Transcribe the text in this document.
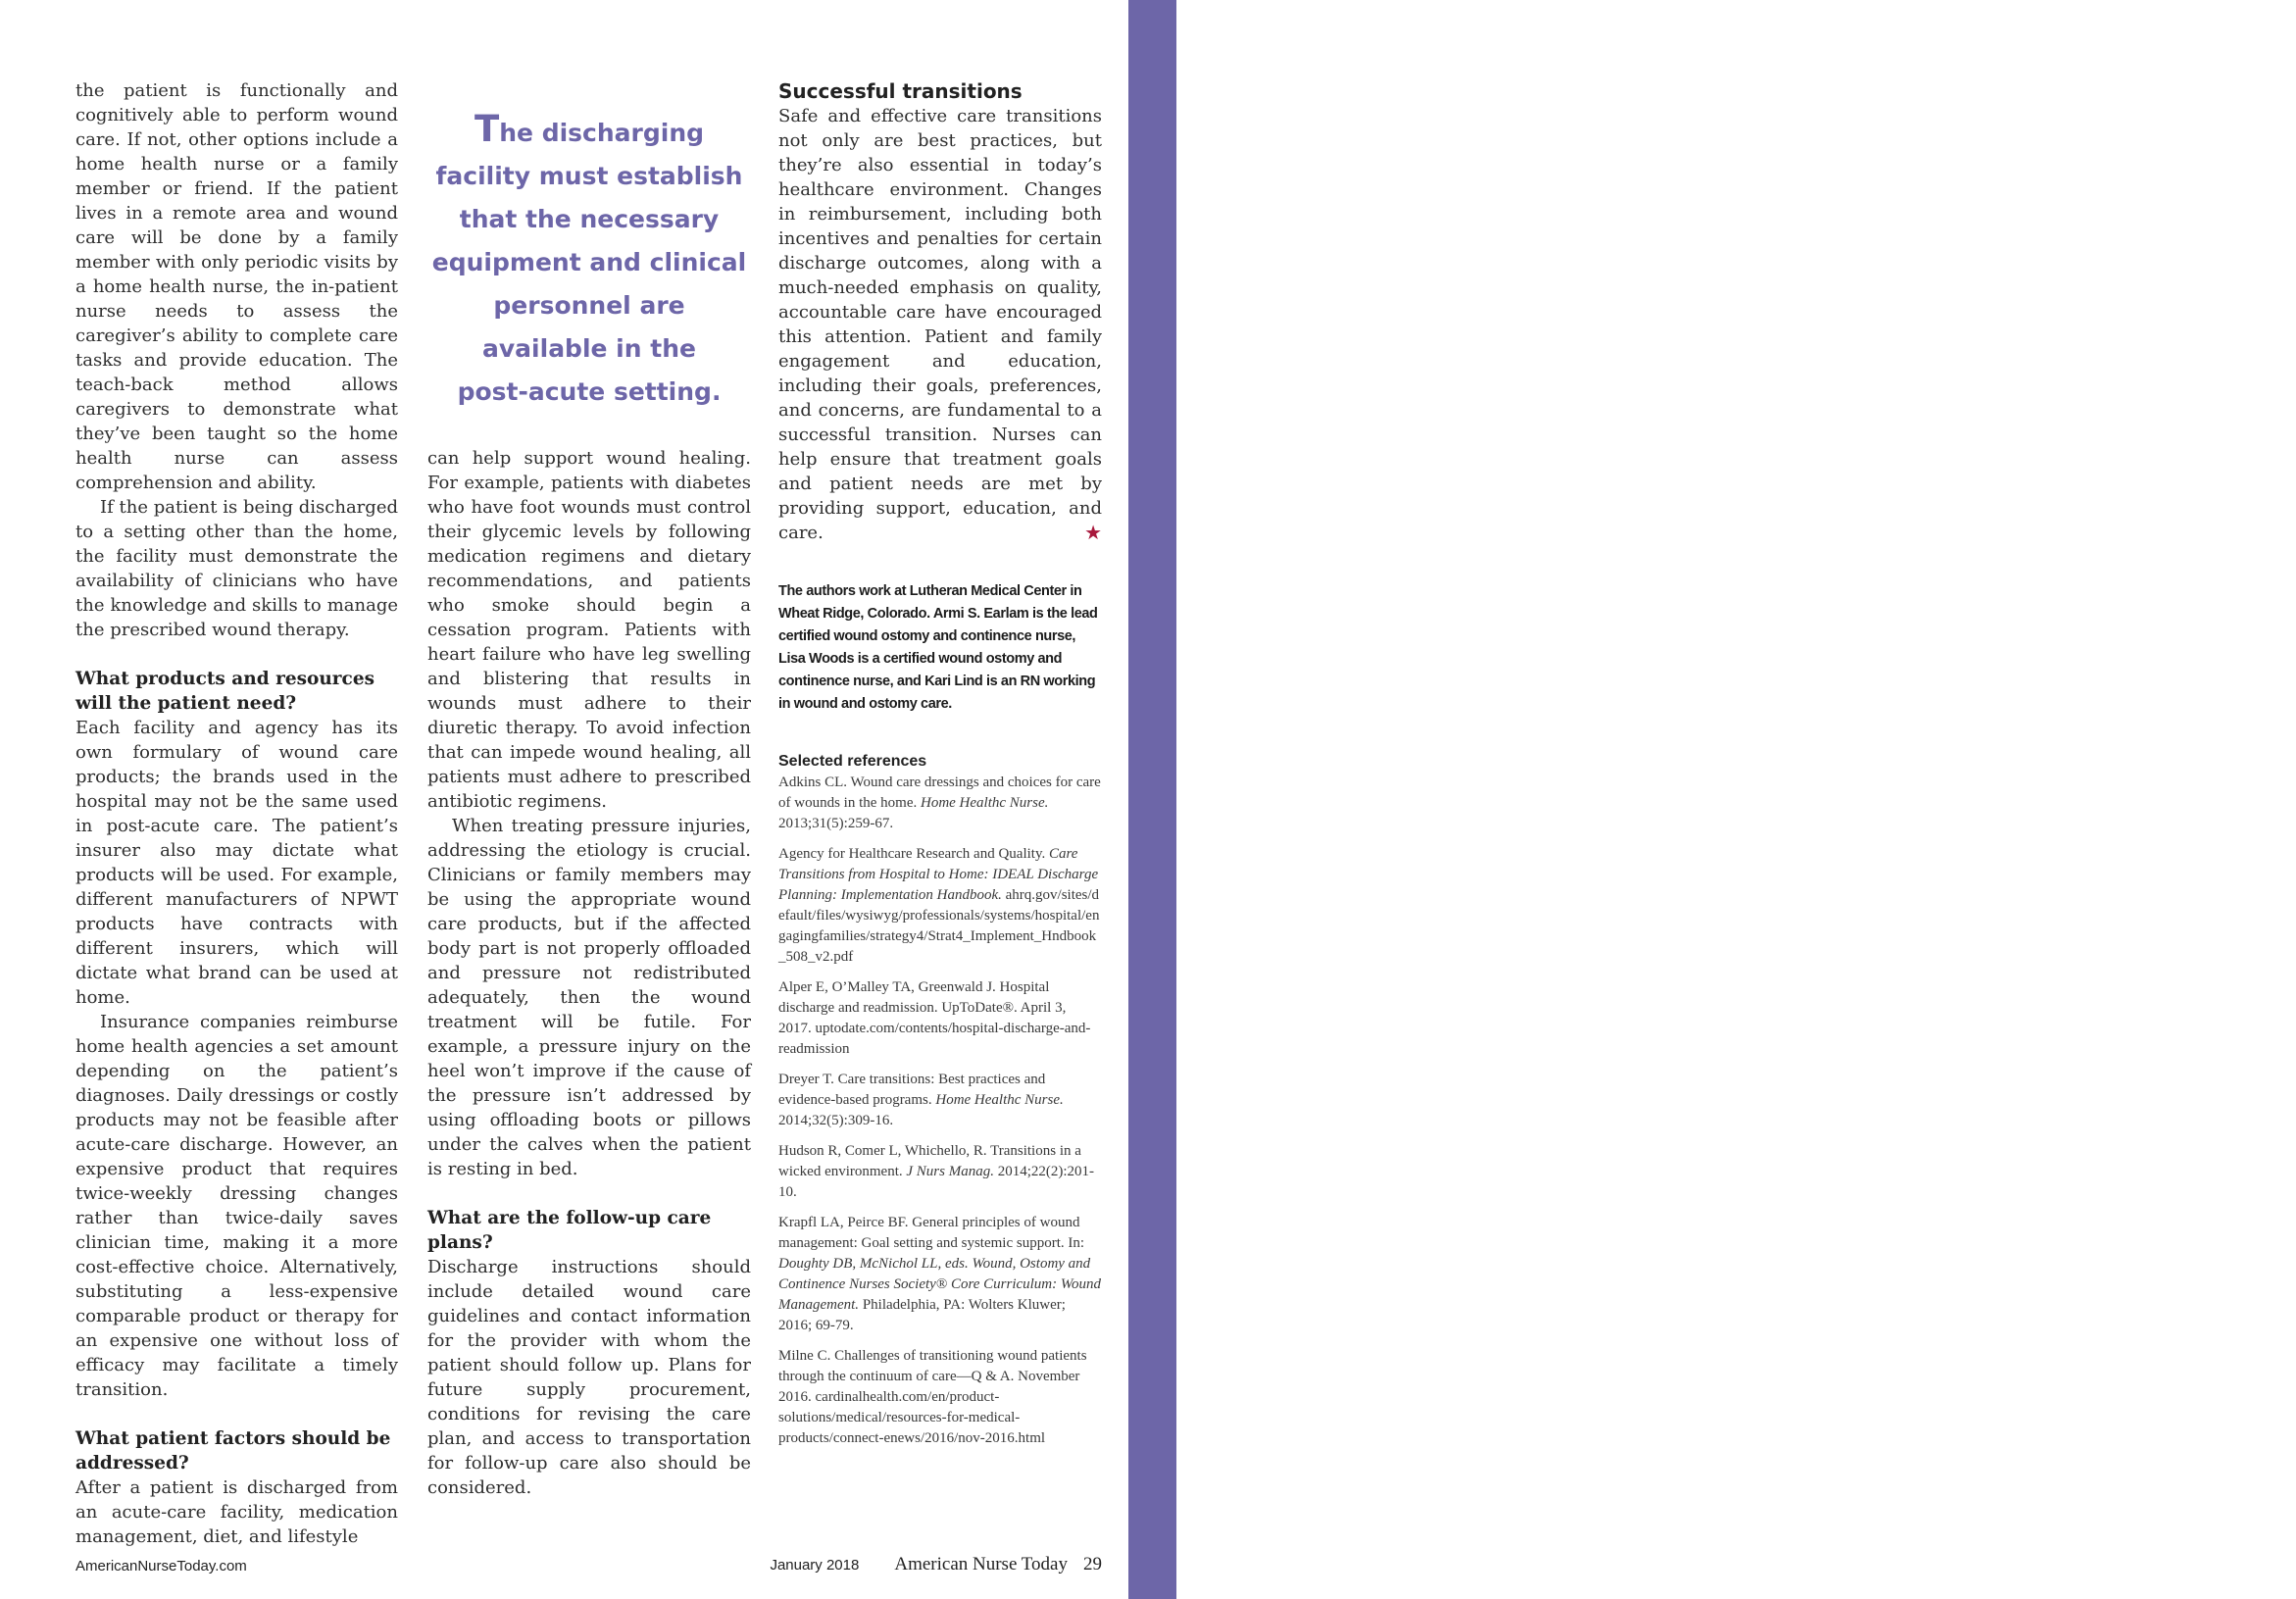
Focus on...Wound care

the patient is functionally and cognitively able to perform wound care. If not, other options include a home health nurse or a family member or friend. If the patient lives in a remote area and wound care will be done by a family member with only periodic visits by a home health nurse, the in-patient nurse needs to assess the caregiver’s ability to complete care tasks and provide education. The teach-back method allows caregivers to demonstrate what they’ve been taught so the home health nurse can assess comprehension and ability.

If the patient is being discharged to a setting other than the home, the facility must demonstrate the availability of clinicians who have the knowledge and skills to manage the prescribed wound therapy.

What products and resources will the patient need?

Each facility and agency has its own formulary of wound care products; the brands used in the hospital may not be the same used in post-acute care. The patient’s insurer also may dictate what products will be used. For example, different manufacturers of NPWT products have contracts with different insurers, which will dictate what brand can be used at home.

Insurance companies reimburse home health agencies a set amount depending on the patient’s diagnoses. Daily dressings or costly products may not be feasible after acute-care discharge. However, an expensive product that requires twice-weekly dressing changes rather than twice-daily saves clinician time, making it a more cost-effective choice. Alternatively, substituting a less-expensive comparable product or therapy for an expensive one without loss of efficacy may facilitate a timely transition.

What patient factors should be addressed?

After a patient is discharged from an acute-care facility, medication management, diet, and lifestyle

The discharging
facility must establish
that the necessary
equipment and clinical
personnel are
available in the
post-acute setting.

can help support wound healing. For example, patients with diabetes who have foot wounds must control their glycemic levels by following medication regimens and dietary recommendations, and patients who smoke should begin a cessation program. Patients with heart failure who have leg swelling and blistering that results in wounds must adhere to their diuretic therapy. To avoid infection that can impede wound healing, all patients must adhere to prescribed antibiotic regimens.

When treating pressure injuries, addressing the etiology is crucial. Clinicians or family members may be using the appropriate wound care products, but if the affected body part is not properly offloaded and pressure not redistributed adequately, then the wound treatment will be futile. For example, a pressure injury on the heel won’t improve if the cause of the pressure isn’t addressed by using offloading boots or pillows under the calves when the patient is resting in bed.

What are the follow-up care plans?

Discharge instructions should include detailed wound care guidelines and contact information for the provider with whom the patient should follow up. Plans for future supply procurement, conditions for revising the care plan, and access to transportation for follow-up care also should be considered.

Successful transitions

Safe and effective care transitions not only are best practices, but they’re also essential in today’s healthcare environment. Changes in reimbursement, including both incentives and penalties for certain discharge outcomes, along with a much-needed emphasis on quality, accountable care have encouraged this attention. Patient and family engagement and education, including their goals, preferences, and concerns, are fundamental to a successful transition. Nurses can help ensure that treatment goals and patient needs are met by providing support, education, and care.	★

The authors work at Lutheran Medical Center in Wheat Ridge, Colorado. Armi S. Earlam is the lead certified wound ostomy and continence nurse, Lisa Woods is a certified wound ostomy and continence nurse, and Kari Lind is an RN working in wound and ostomy care.
Selected references
Adkins CL. Wound care dressings and choices for care of wounds in the home. Home Healthc Nurse. 2013;31(5):259-67.
Agency for Healthcare Research and Quality. Care Transitions from Hospital to Home: IDEAL Discharge Planning: Implementation Handbook. ahrq.gov/sites/default/files/wysiwyg/professionals/systems/hospital/engagingfamilies/strategy4/Strat4_Implement_Hndbook_508_v2.pdf
Alper E, O’Malley TA, Greenwald J. Hospital discharge and readmission. UpToDate®. April 3, 2017. uptodate.com/contents/hospital-discharge-and-readmission
Dreyer T. Care transitions: Best practices and evidence-based programs. Home Healthc Nurse. 2014;32(5):309-16.
Hudson R, Comer L, Whichello, R. Transitions in a wicked environment. J Nurs Manag. 2014;22(2):201-10.
Krapfl LA, Peirce BF. General principles of wound management: Goal setting and systemic support. In: Doughty DB, McNichol LL, eds. Wound, Ostomy and Continence Nurses Society® Core Curriculum: Wound Management. Philadelphia, PA: Wolters Kluwer; 2016; 69-79.
Milne C. Challenges of transitioning wound patients through the continuum of care—Q & A. November 2016. cardinalhealth.com/en/product-solutions/medical/resources-for-medical-products/connect-enews/2016/nov-2016.html
AmericanNurseToday.com	January 2018 American Nurse Today 29
